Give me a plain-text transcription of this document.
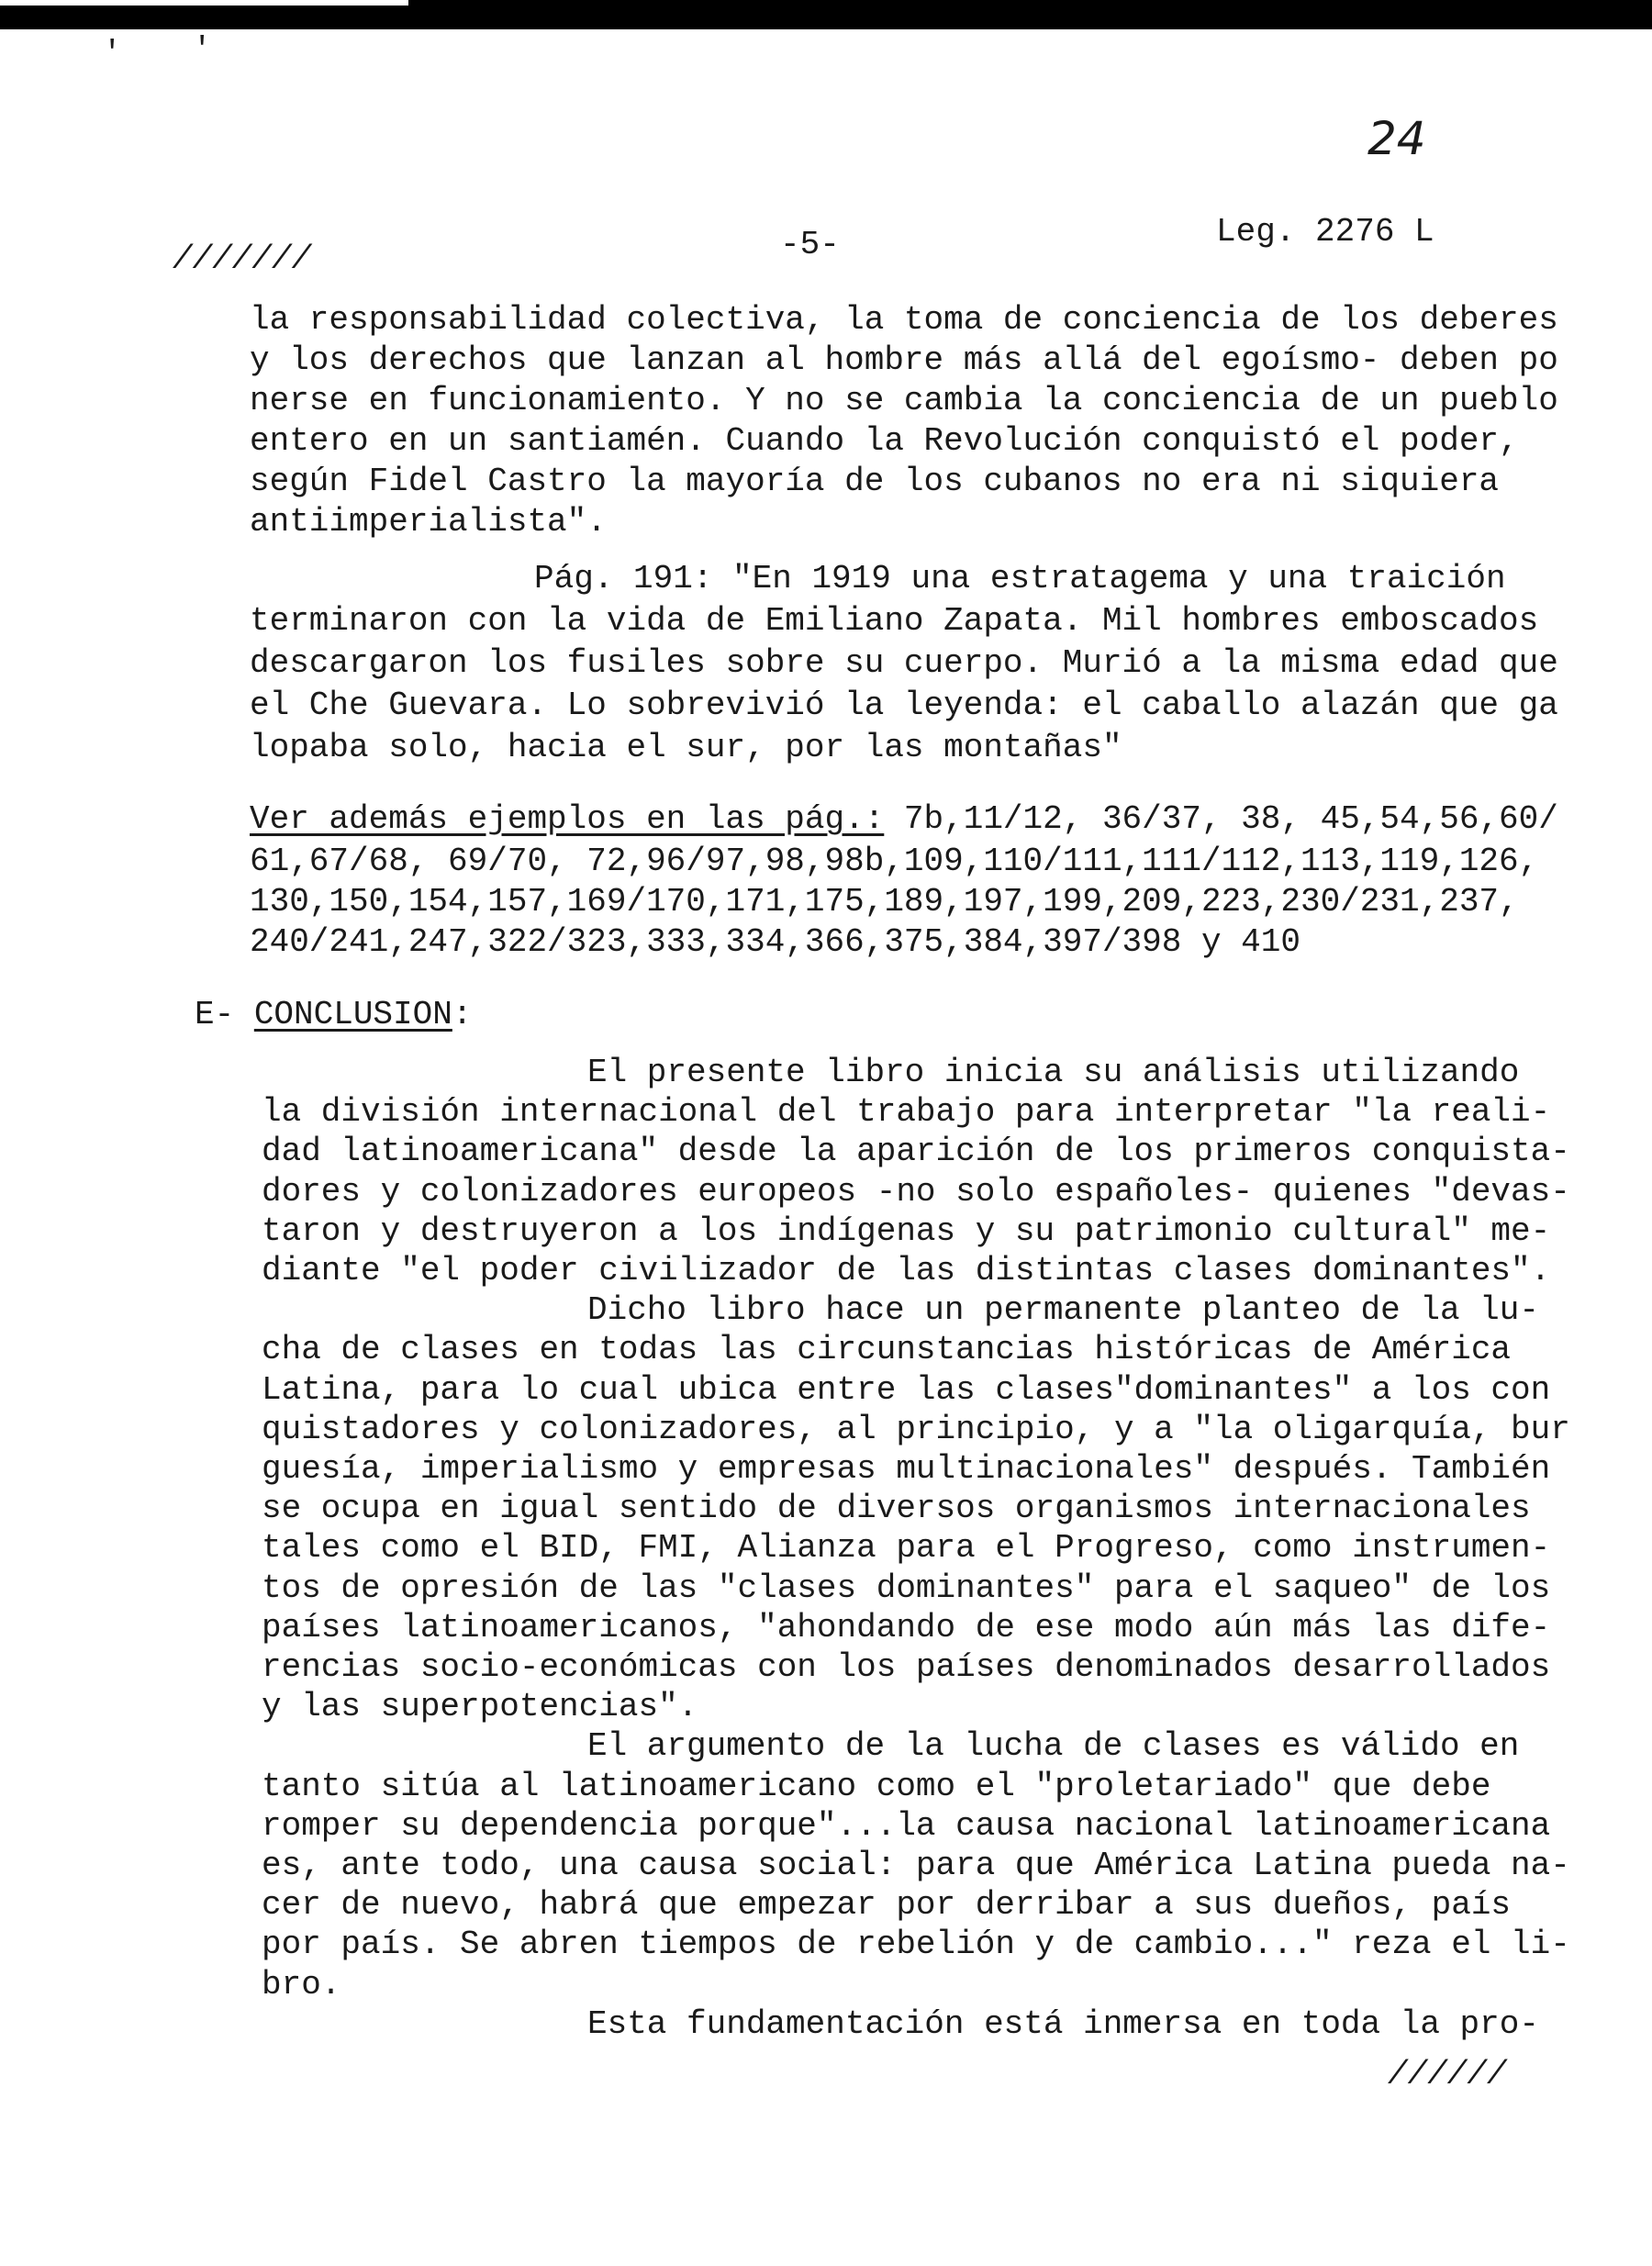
' '
24
///////	-5-	Leg. 2276 L
la responsabilidad colectiva, la toma de conciencia de los deberes
y los derechos que lanzan al hombre más allá del egoísmo- deben po
nerse en funcionamiento. Y no se cambia la conciencia de un pueblo
entero en un santiamén. Cuando la Revolución conquistó el poder,
según Fidel Castro la mayoría de los cubanos no era ni siquiera
antiimperialista".
Pág. 191: "En 1919 una estratagema y una traición
terminaron con la vida de Emiliano Zapata. Mil hombres emboscados
descargaron los fusiles sobre su cuerpo. Murió a la misma edad que
el Che Guevara. Lo sobrevivió la leyenda: el caballo alazán que ga
lopaba solo, hacia el sur, por las montañas"
Ver además ejemplos en las pág.: 7b,11/12, 36/37, 38, 45,54,56,60/
61,67/68, 69/70, 72,96/97,98,98b,109,110/111,111/112,113,119,126,
130,150,154,157,169/170,171,175,189,197,199,209,223,230/231,237,
240/241,247,322/323,333,334,366,375,384,397/398 y 410
E- CONCLUSION:
El presente libro inicia su análisis utilizando
la división internacional del trabajo para interpretar "la reali-
dad latinoamericana" desde la aparición de los primeros conquista-
dores y colonizadores europeos -no solo españoles- quienes "devas-
taron y destruyeron a los indígenas y su patrimonio cultural" me-
diante "el poder civilizador de las distintas clases dominantes".
Dicho libro hace un permanente planteo de la lu-
cha de clases en todas las circunstancias históricas de América
Latina, para lo cual ubica entre las clases"dominantes" a los con
quistadores y colonizadores, al principio, y a "la oligarquía, bur
guesía, imperialismo y empresas multinacionales" después. También
se ocupa en igual sentido de diversos organismos internacionales
tales como el BID, FMI, Alianza para el Progreso, como instrumen-
tos de opresión de las "clases dominantes" para el saqueo" de los
países latinoamericanos, "ahondando de ese modo aún más las dife-
rencias socio-económicas con los países denominados desarrollados
y las superpotencias".
El argumento de la lucha de clases es válido en
tanto sitúa al latinoamericano como el "proletariado" que debe
romper su dependencia porque"...la causa nacional latinoamericana
es, ante todo, una causa social: para que América Latina pueda na-
cer de nuevo, habrá que empezar por derribar a sus dueños, país
por país. Se abren tiempos de rebelión y de cambio..." reza el li-
bro.
Esta fundamentación está inmersa en toda la pro-
//////
